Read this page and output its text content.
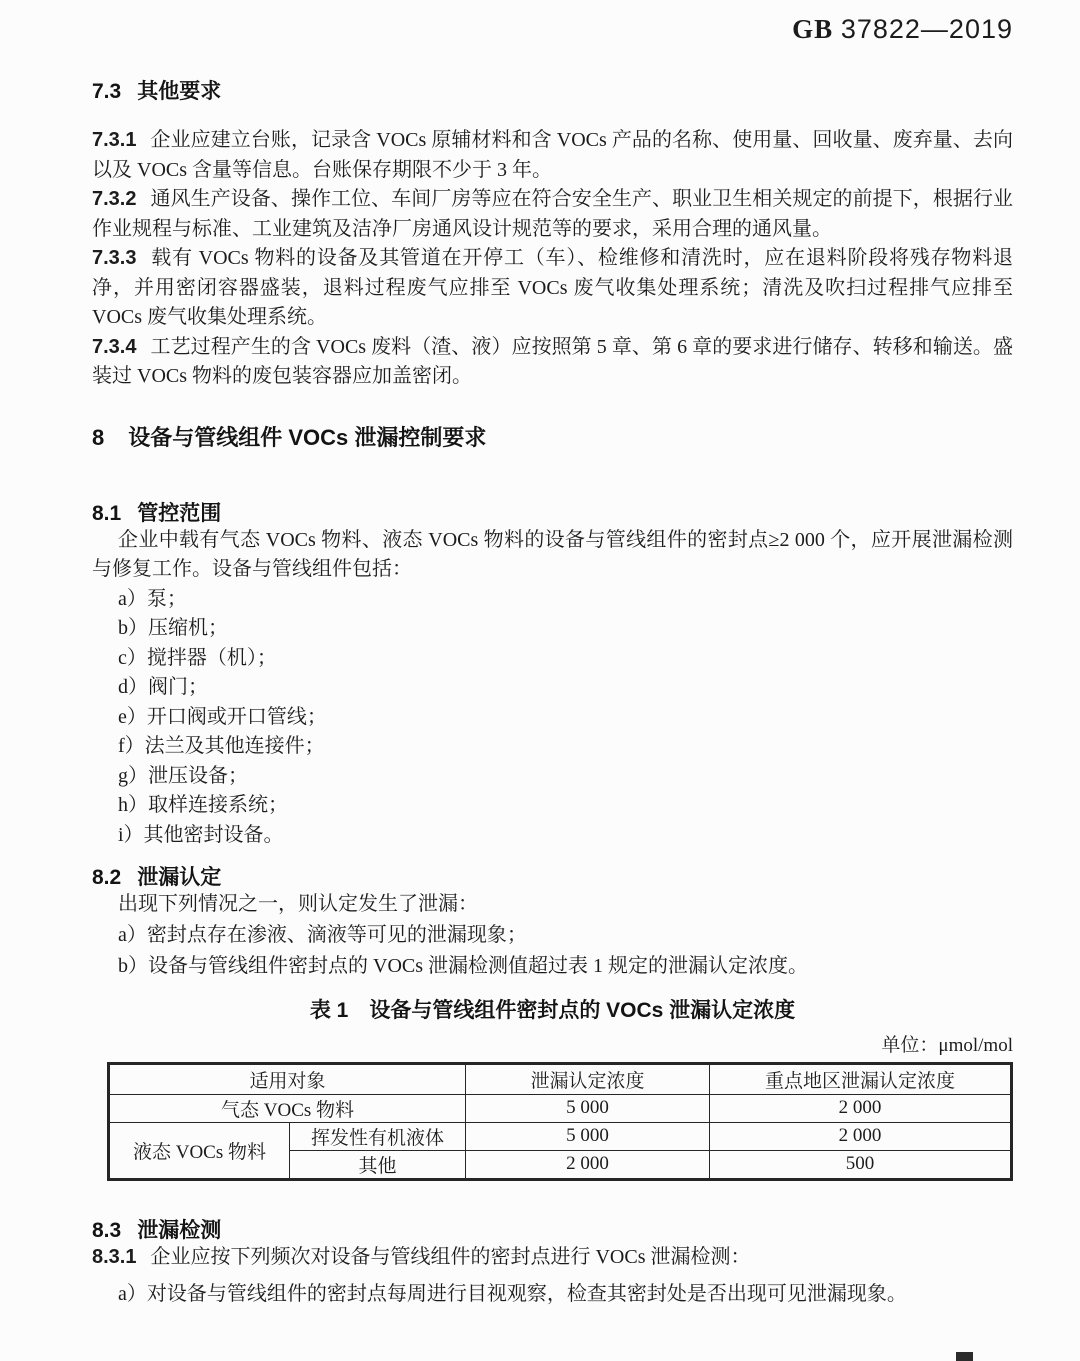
GB 37822—2019
7.3 其他要求

7.3.1 企业应建立台账，记录含 VOCs 原辅材料和含 VOCs 产品的名称、使用量、回收量、废弃量、去向以及 VOCs 含量等信息。台账保存期限不少于 3 年。

7.3.2 通风生产设备、操作工位、车间厂房等应在符合安全生产、职业卫生相关规定的前提下，根据行业作业规程与标准、工业建筑及洁净厂房通风设计规范等的要求，采用合理的通风量。

7.3.3 载有 VOCs 物料的设备及其管道在开停工（车）、检维修和清洗时，应在退料阶段将残存物料退净，并用密闭容器盛装，退料过程废气应排至 VOCs 废气收集处理系统；清洗及吹扫过程排气应排至 VOCs 废气收集处理系统。

7.3.4 工艺过程产生的含 VOCs 废料（渣、液）应按照第 5 章、第 6 章的要求进行储存、转移和输送。盛装过 VOCs 物料的废包装容器应加盖密闭。

8 设备与管线组件 VOCs 泄漏控制要求
8.1 管控范围

企业中载有气态 VOCs 物料、液态 VOCs 物料的设备与管线组件的密封点≥2 000 个，应开展泄漏检测与修复工作。设备与管线组件包括：

a）泵；
b）压缩机；
c）搅拌器（机）；
d）阀门；
e）开口阀或开口管线；
f）法兰及其他连接件；
g）泄压设备；
h）取样连接系统；
i）其他密封设备。
8.2 泄漏认定

出现下列情况之一，则认定发生了泄漏：

a）密封点存在渗液、滴液等可见的泄漏现象；
b）设备与管线组件密封点的 VOCs 泄漏检测值超过表 1 规定的泄漏认定浓度。
表 1　设备与管线组件密封点的 VOCs 泄漏认定浓度
单位：μmol/mol
适用对象		泄漏认定浓度	重点地区泄漏认定浓度
气态 VOCs 物料		5 000	2 000
液态 VOCs 物料	挥发性有机液体	5 000	2 000
	其他	2 000	500
8.3 泄漏检测

8.3.1 企业应按下列频次对设备与管线组件的密封点进行 VOCs 泄漏检测：

a）对设备与管线组件的密封点每周进行目视观察，检查其密封处是否出现可见泄漏现象。
